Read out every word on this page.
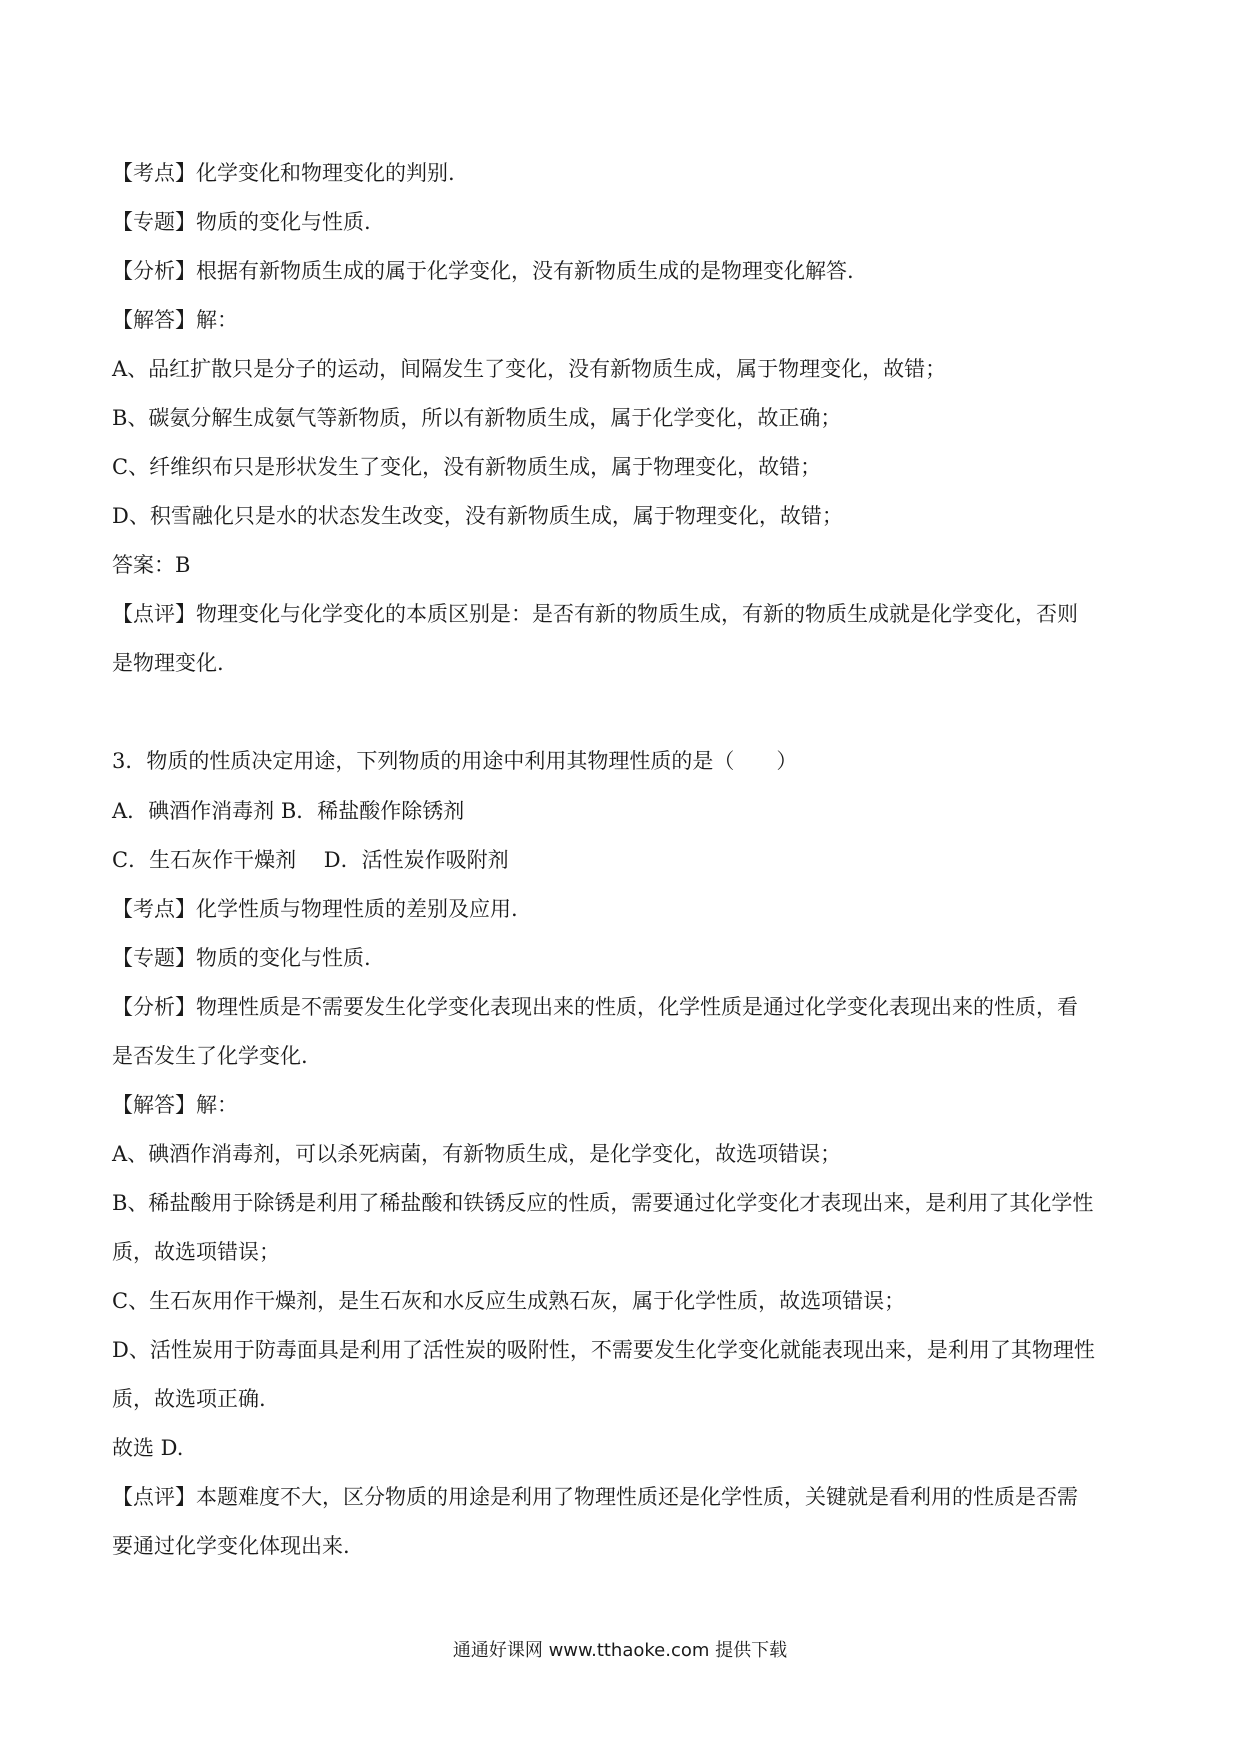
【考点】化学变化和物理变化的判别.
【专题】物质的变化与性质.
【分析】根据有新物质生成的属于化学变化，没有新物质生成的是物理变化解答.
【解答】解：
A、品红扩散只是分子的运动，间隔发生了变化，没有新物质生成，属于物理变化，故错；
B、碳氨分解生成氨气等新物质，所以有新物质生成，属于化学变化，故正确；
C、纤维织布只是形状发生了变化，没有新物质生成，属于物理变化，故错；
D、积雪融化只是水的状态发生改变，没有新物质生成，属于物理变化，故错；
答案：B
【点评】物理变化与化学变化的本质区别是：是否有新的物质生成，有新的物质生成就是化学变化，否则
是物理变化.
3．物质的性质决定用途，下列物质的用途中利用其物理性质的是（　　）
A．碘酒作消毒剂 B．稀盐酸作除锈剂
C．生石灰作干燥剂　 D．活性炭作吸附剂
【考点】化学性质与物理性质的差别及应用.
【专题】物质的变化与性质.
【分析】物理性质是不需要发生化学变化表现出来的性质，化学性质是通过化学变化表现出来的性质，看
是否发生了化学变化.
【解答】解：
A、碘酒作消毒剂，可以杀死病菌，有新物质生成，是化学变化，故选项错误；
B、稀盐酸用于除锈是利用了稀盐酸和铁锈反应的性质，需要通过化学变化才表现出来，是利用了其化学性
质，故选项错误；
C、生石灰用作干燥剂，是生石灰和水反应生成熟石灰，属于化学性质，故选项错误；
D、活性炭用于防毒面具是利用了活性炭的吸附性，不需要发生化学变化就能表现出来，是利用了其物理性
质，故选项正确.
故选 D.
【点评】本题难度不大，区分物质的用途是利用了物理性质还是化学性质，关键就是看利用的性质是否需
要通过化学变化体现出来.
通通好课网 www.tthaoke.com 提供下载
